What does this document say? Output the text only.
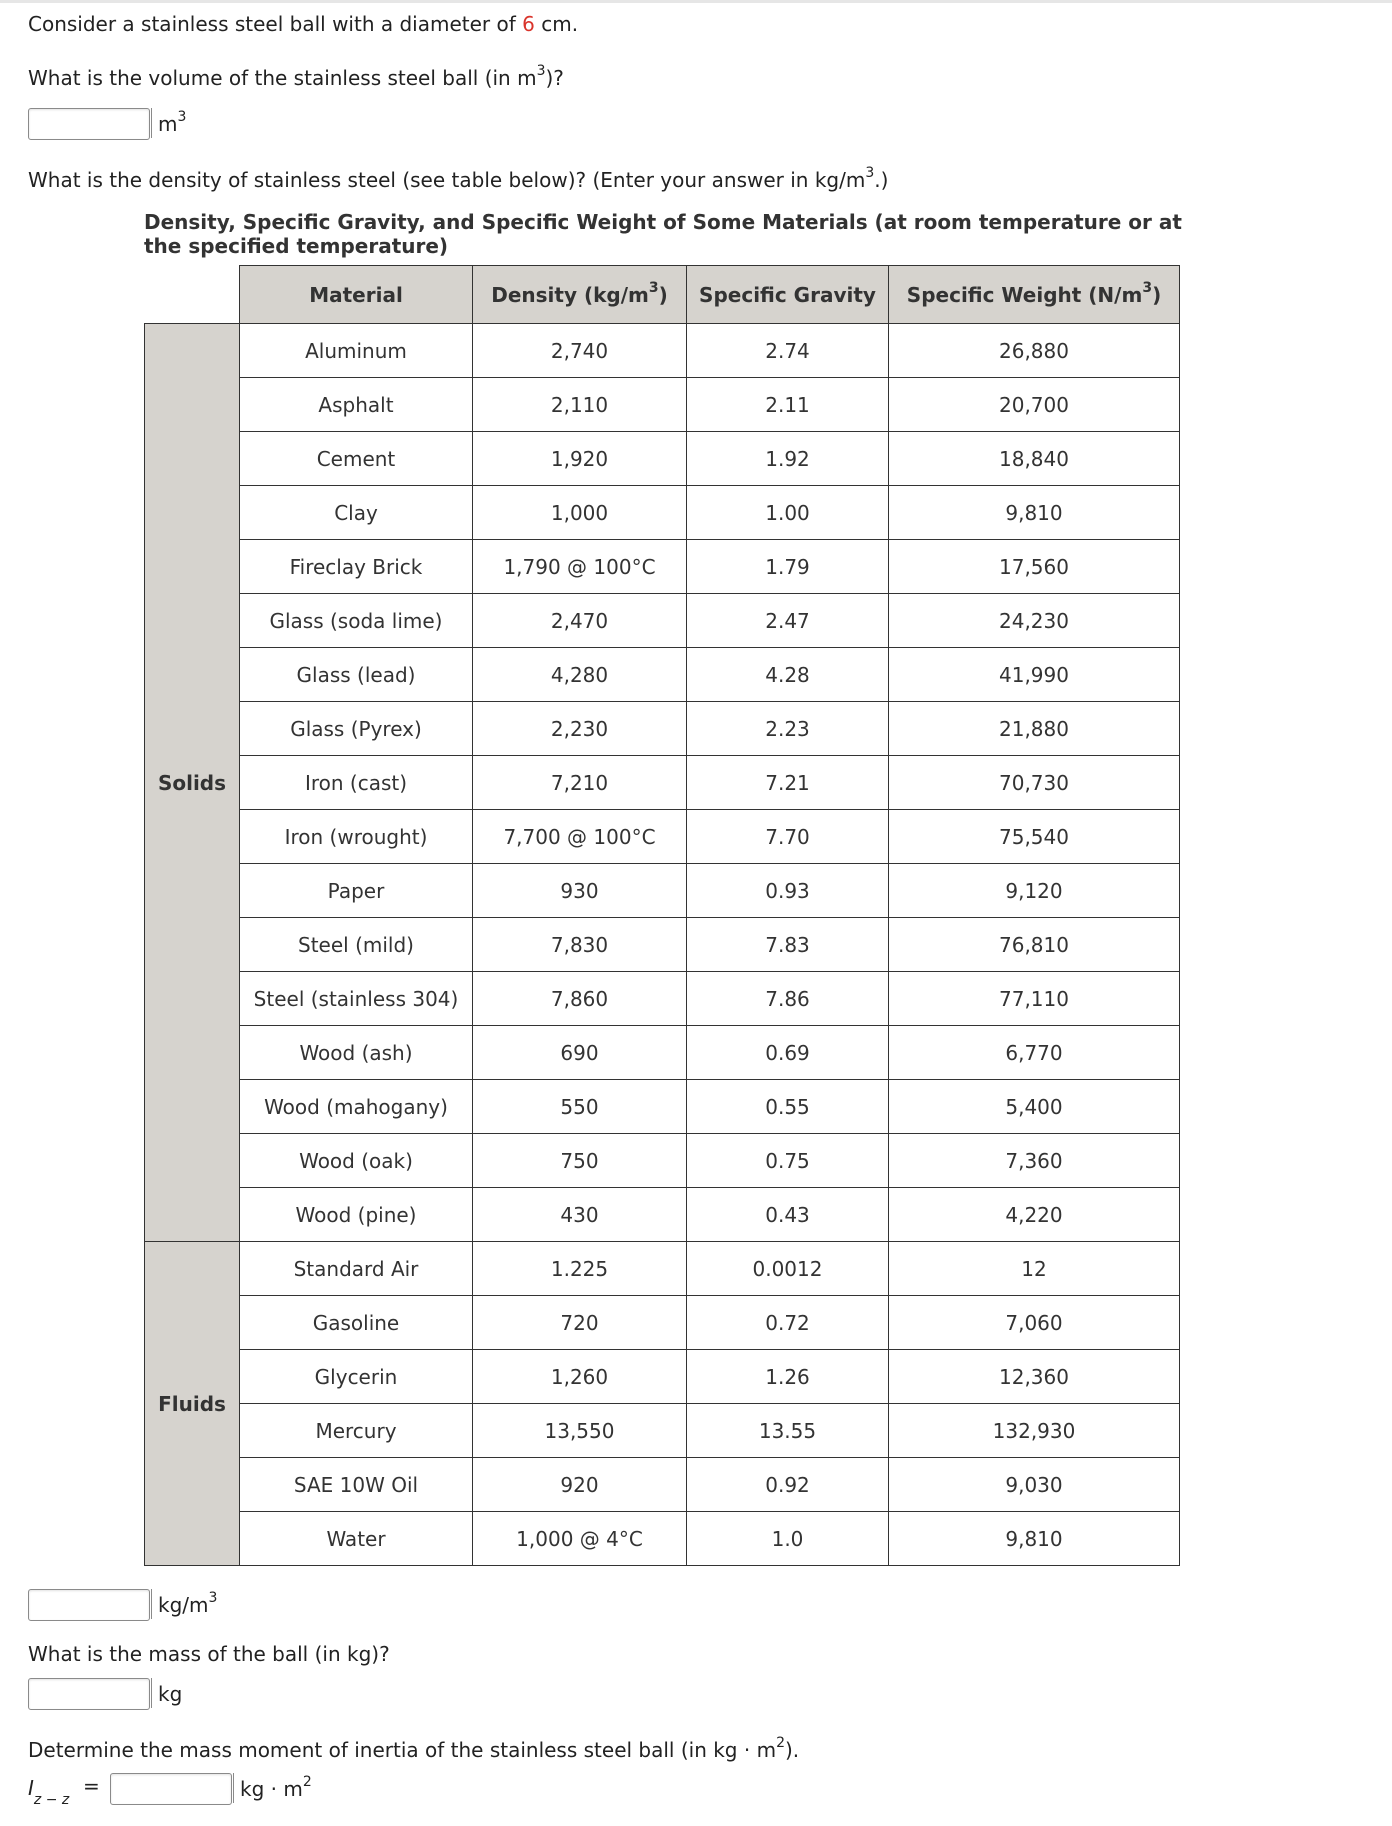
Consider a stainless steel ball with a diameter of 6 cm.
What is the volume of the stainless steel ball (in $m^3$)?
$m^3$
What is the density of stainless steel (see table below)? (Enter your answer in $kg/m^3$.)
Density, Specific Gravity, and Specific Weight of Some Materials (at room temperature or at the specified temperature)
	Material	Density $(kg/m^3)$	Specific Gravity	Specific Weight $(N/m^3)$
Solids	Aluminum	2,740	2.74	26,880
	Asphalt	2,110	2.11	20,700
	Cement	1,920	1.92	18,840
	Clay	1,000	1.00	9,810
	Fireclay Brick	1,790 @ 100°C	1.79	17,560
	Glass (soda lime)	2,470	2.47	24,230
	Glass (lead)	4,280	4.28	41,990
	Glass (Pyrex)	2,230	2.23	21,880
	Iron (cast)	7,210	7.21	70,730
	Iron (wrought)	7,700 @ 100°C	7.70	75,540
	Paper	930	0.93	9,120
	Steel (mild)	7,830	7.83	76,810
	Steel (stainless 304)	7,860	7.86	77,110
	Wood (ash)	690	0.69	6,770
	Wood (mahogany)	550	0.55	5,400
	Wood (oak)	750	0.75	7,360
	Wood (pine)	430	0.43	4,220
Fluids	Standard Air	1.225	0.0012	12
	Gasoline	720	0.72	7,060
	Glycerin	1,260	1.26	12,360
	Mercury	13,550	13.55	132,930
	SAE 10W Oil	920	0.92	9,030
	Water	1,000 @ 4°C	1.0	9,810
$kg/m^3$
What is the mass of the ball (in kg)?
kg
Determine the mass moment of inertia of the stainless steel ball (in kg · $m^2$).
$I_{z - z}$
=	kg · $m^2$
